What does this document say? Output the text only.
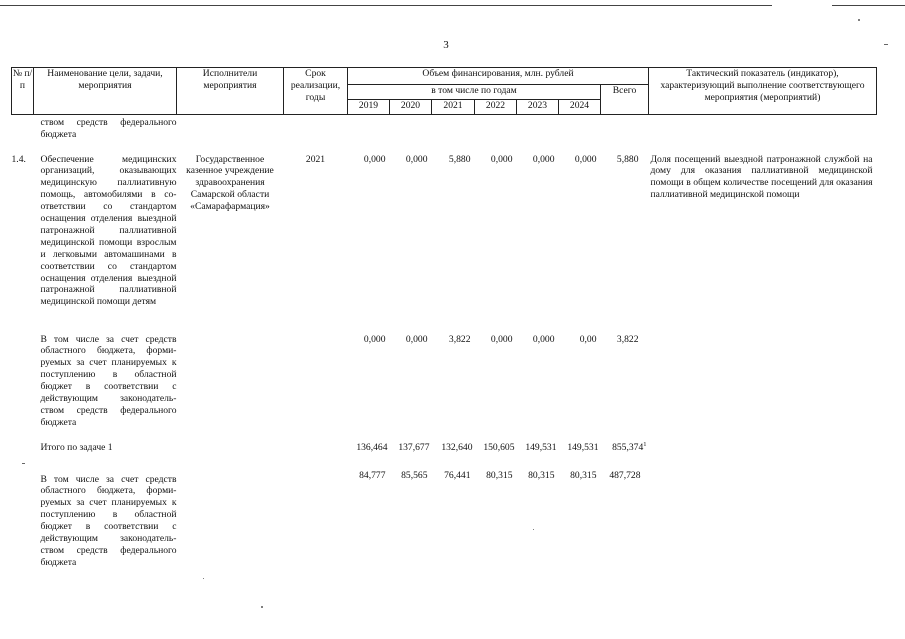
3
№ п/п	Наименование цели, задачи, мероприятия	Исполнители мероприятия	Срок реализации, годы	Объем финансирования, млн. рублей							Тактический показатель (индикатор), характеризующий выполнение соответствующего мероприятия (мероприятий)
				в том числе по годам						Всего	
				2019	2020	2021	2022	2023	2024		
	ством средств федерального бюджета										
1.4.	Обеспечение медицинских организаций, оказывающих медицинскую паллиативную помощь, автомобилями в соответствии со стандартом оснащения отделения выездной патронажной паллиативной медицинской помощи взрослым и легковыми автомашинами в соответствии со стандартом оснащения отделения выездной патронажной паллиативной медицинской помощи детям	Государственное казенное учреждение здравоохранения Самарской области «Самарафармация»	2021	0,000	0,000	5,880	0,000	0,000	0,000	5,880	Доля посещений выездной патронажной службой на дому для оказания паллиативной медицинской помощи в общем количестве посещений для оказания паллиативной медицинской помощи
	В том числе за счет средств областного бюджета, формируемых за счет планируемых к поступлению в областной бюджет в соответствии с действующим законодательством средств федерального бюджета			0,000	0,000	3,822	0,000	0,000	0,00	3,822	
	Итого по задаче 1			136,464	137,677	132,640	150,605	149,531	149,531	855,374$^1$	
	В том числе за счет средств областного бюджета, формируемых за счет планируемых к поступлению в областной бюджет в соответствии с действующим законодательством средств федерального бюджета			84,777	85,565	76,441	80,315	80,315	80,315	487,728	
